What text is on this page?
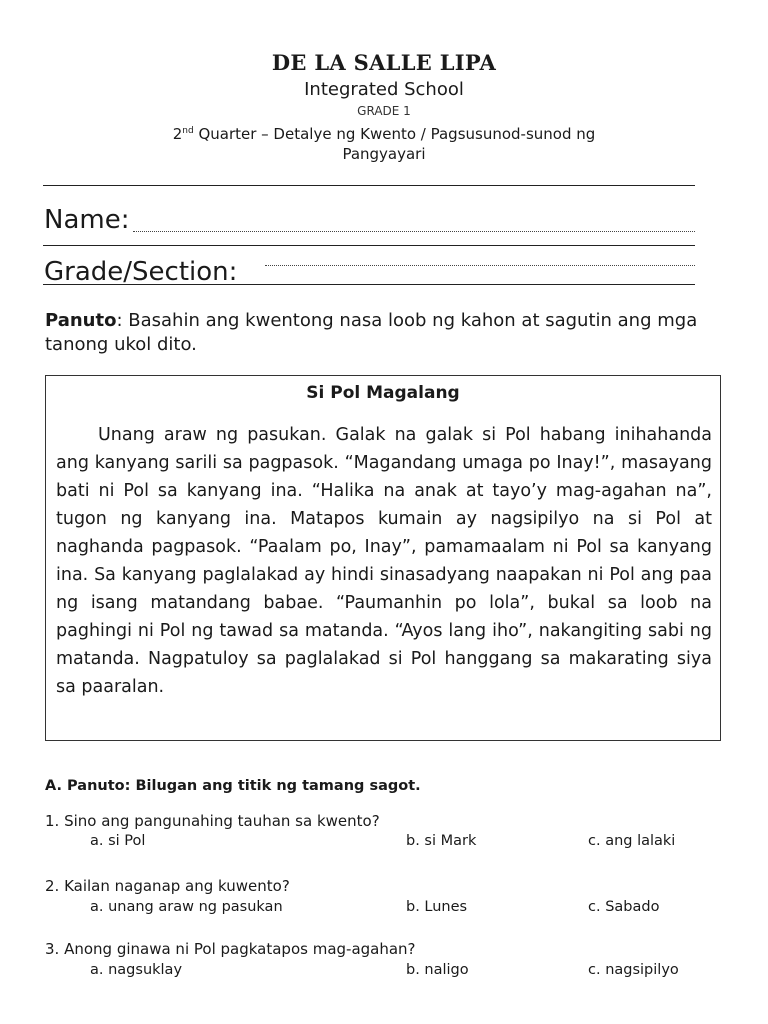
DE LA SALLE LIPA
Integrated School
GRADE 1
2nd Quarter – Detalye ng Kwento / Pagsusunod-sunod ng
Pangyayari
Name:
Grade/Section:
Panuto: Basahin ang kwentong nasa loob ng kahon at sagutin ang mga tanong ukol dito.
Si Pol Magalang
Unang araw ng pasukan. Galak na galak si Pol habang inihahanda ang kanyang sarili sa pagpasok. “Magandang umaga po Inay!”, masayang bati ni Pol sa kanyang ina. “Halika na anak at tayo’y mag-agahan na”, tugon ng kanyang ina. Matapos kumain ay nagsipilyo na si Pol at naghanda pagpasok. “Paalam po, Inay”, pamamaalam ni Pol sa kanyang ina. Sa kanyang paglalakad ay hindi sinasadyang naapakan ni Pol ang paa ng isang matandang babae. “Paumanhin po lola”, bukal sa loob na paghingi ni Pol ng tawad sa matanda. “Ayos lang iho”, nakangiting sabi ng matanda. Nagpatuloy sa paglalakad si Pol hanggang sa makarating siya sa paaralan.
A. Panuto: Bilugan ang titik ng tamang sagot.
1. Sino ang pangunahing tauhan sa kwento?
a. si Pol	b. si Mark	c. ang lalaki
2. Kailan naganap ang kuwento?
a. unang araw ng pasukan	b. Lunes	c. Sabado
3. Anong ginawa ni Pol pagkatapos mag-agahan?
a. nagsuklay	b. naligo	c. nagsipilyo
